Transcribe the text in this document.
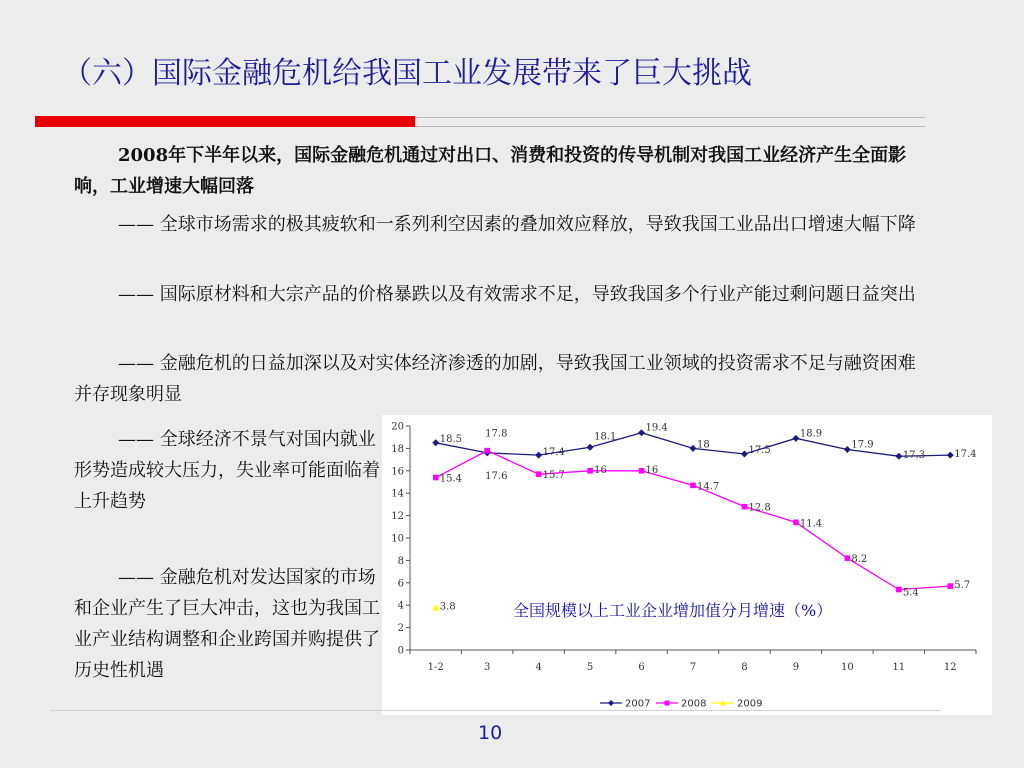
（六）国际金融危机给我国工业发展带来了巨大挑战
2008年下半年以来，国际金融危机通过对出口、消费和投资的传导机制对我国工业经济产生全面影响，工业增速大幅回落
—— 全球市场需求的极其疲软和一系列利空因素的叠加效应释放，导致我国工业品出口增速大幅下降
—— 国际原材料和大宗产品的价格暴跌以及有效需求不足，导致我国多个行业产能过剩问题日益突出
—— 金融危机的日益加深以及对实体经济渗透的加剧，导致我国工业领域的投资需求不足与融资困难并存现象明显
—— 全球经济不景气对国内就业形势造成较大压力，失业率可能面临着上升趋势
—— 金融危机对发达国家的市场和企业产生了巨大冲击，这也为我国工业产业结构调整和企业跨国并购提供了历史性机遇
0
2
4
6
8
10
12
14
16
18
20
1-2	3	4	5	6	7	8	9	10	11	12
18.5
17.6
17.4
18.1
19.4
18
17.5
18.9
17.9
17.3	17.4
15.4
17.8
15.7	16	16
14.7
12.8
11.4
8.2
5.4
5.7
3.8
2007	2008	2009
全国规模以上工业企业增加值分月增速（%）
10
